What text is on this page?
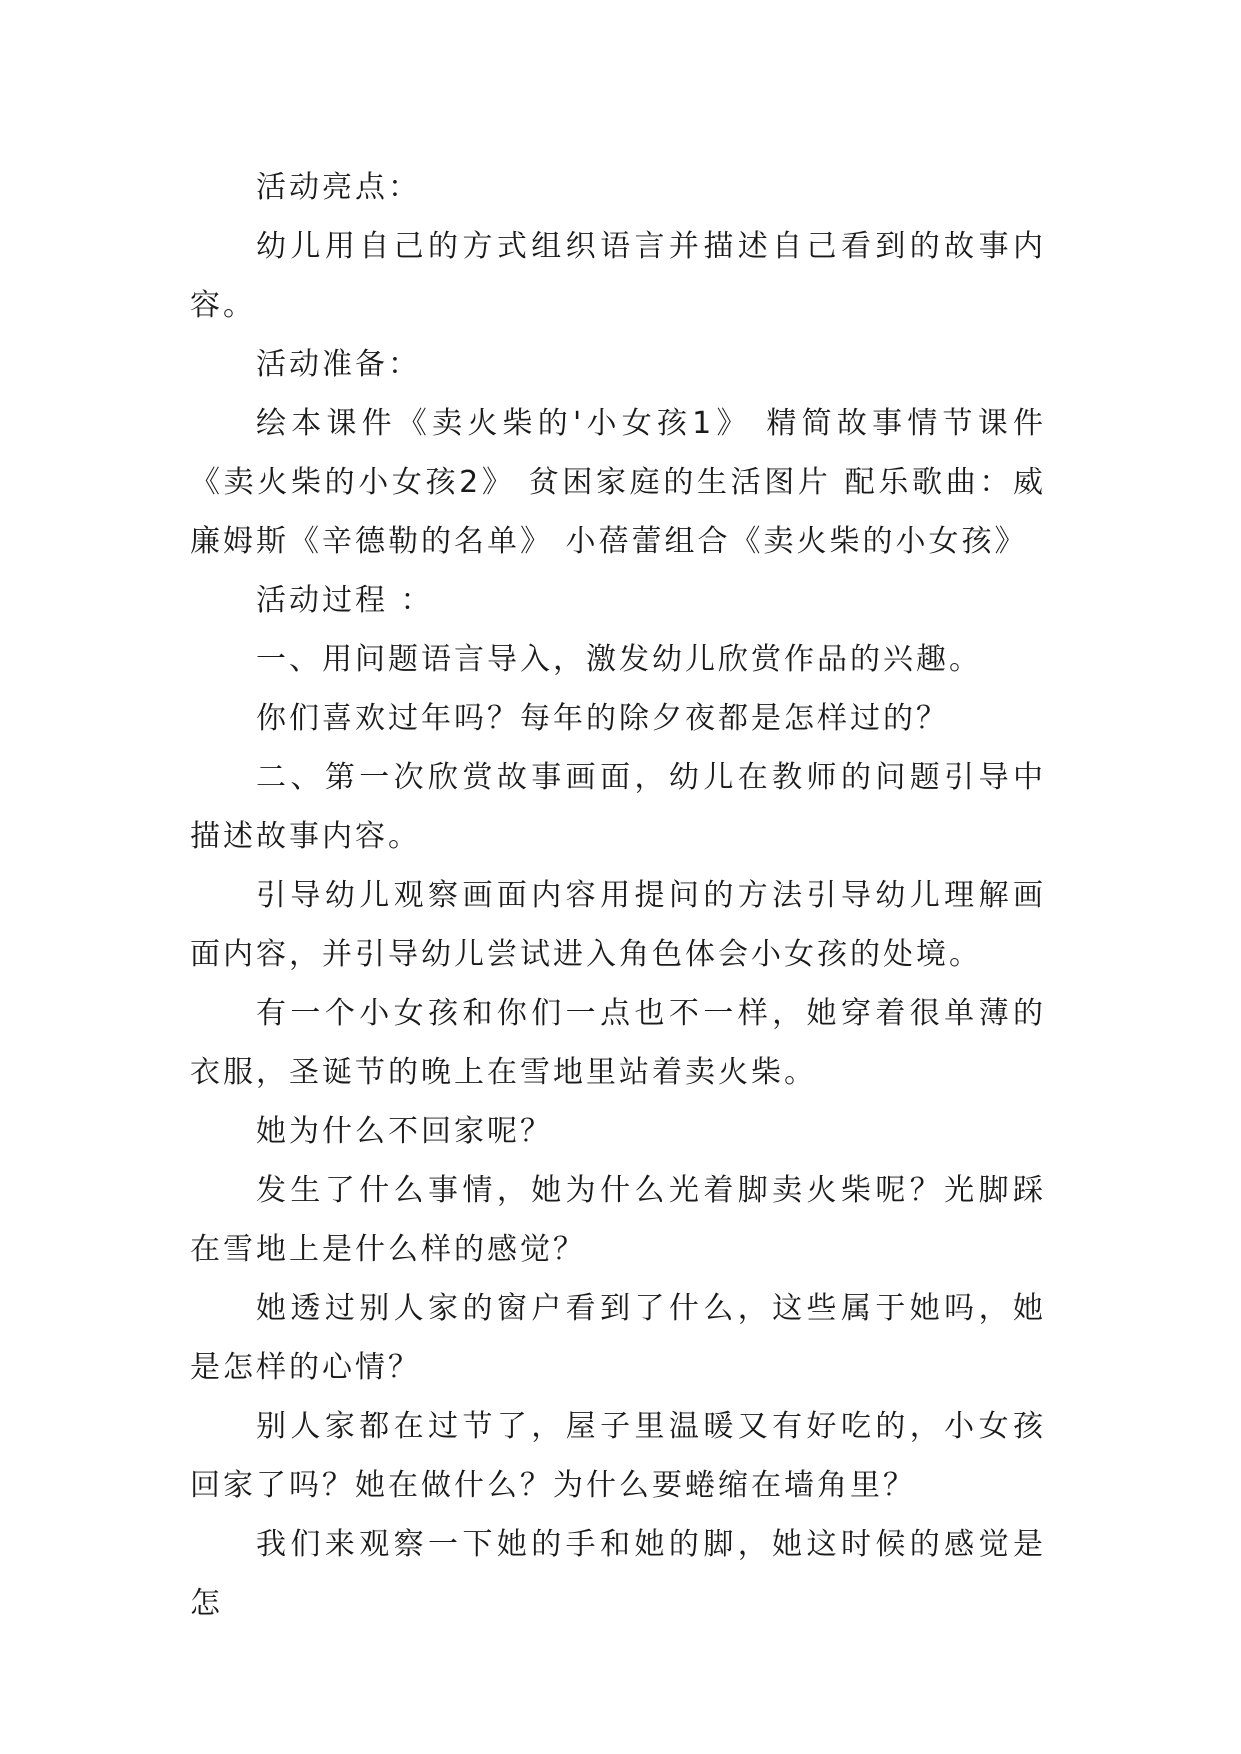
活动亮点：

幼儿用自己的方式组织语言并描述自己看到的故事内容。

活动准备：

绘本课件《卖火柴的'小女孩1》 精简故事情节课件《卖火柴的小女孩2》 贫困家庭的生活图片 配乐歌曲：威廉姆斯《辛德勒的名单》 小蓓蕾组合《卖火柴的小女孩》

活动过程 ：

一、用问题语言导入，激发幼儿欣赏作品的兴趣。

你们喜欢过年吗？每年的除夕夜都是怎样过的？

二、第一次欣赏故事画面，幼儿在教师的问题引导中描述故事内容。

引导幼儿观察画面内容用提问的方法引导幼儿理解画面内容，并引导幼儿尝试进入角色体会小女孩的处境。

有一个小女孩和你们一点也不一样，她穿着很单薄的衣服，圣诞节的晚上在雪地里站着卖火柴。

她为什么不回家呢？

发生了什么事情，她为什么光着脚卖火柴呢？光脚踩在雪地上是什么样的感觉？

她透过别人家的窗户看到了什么，这些属于她吗，她是怎样的心情？

别人家都在过节了，屋子里温暖又有好吃的，小女孩回家了吗？她在做什么？为什么要蜷缩在墙角里？

我们来观察一下她的手和她的脚，她这时候的感觉是怎
